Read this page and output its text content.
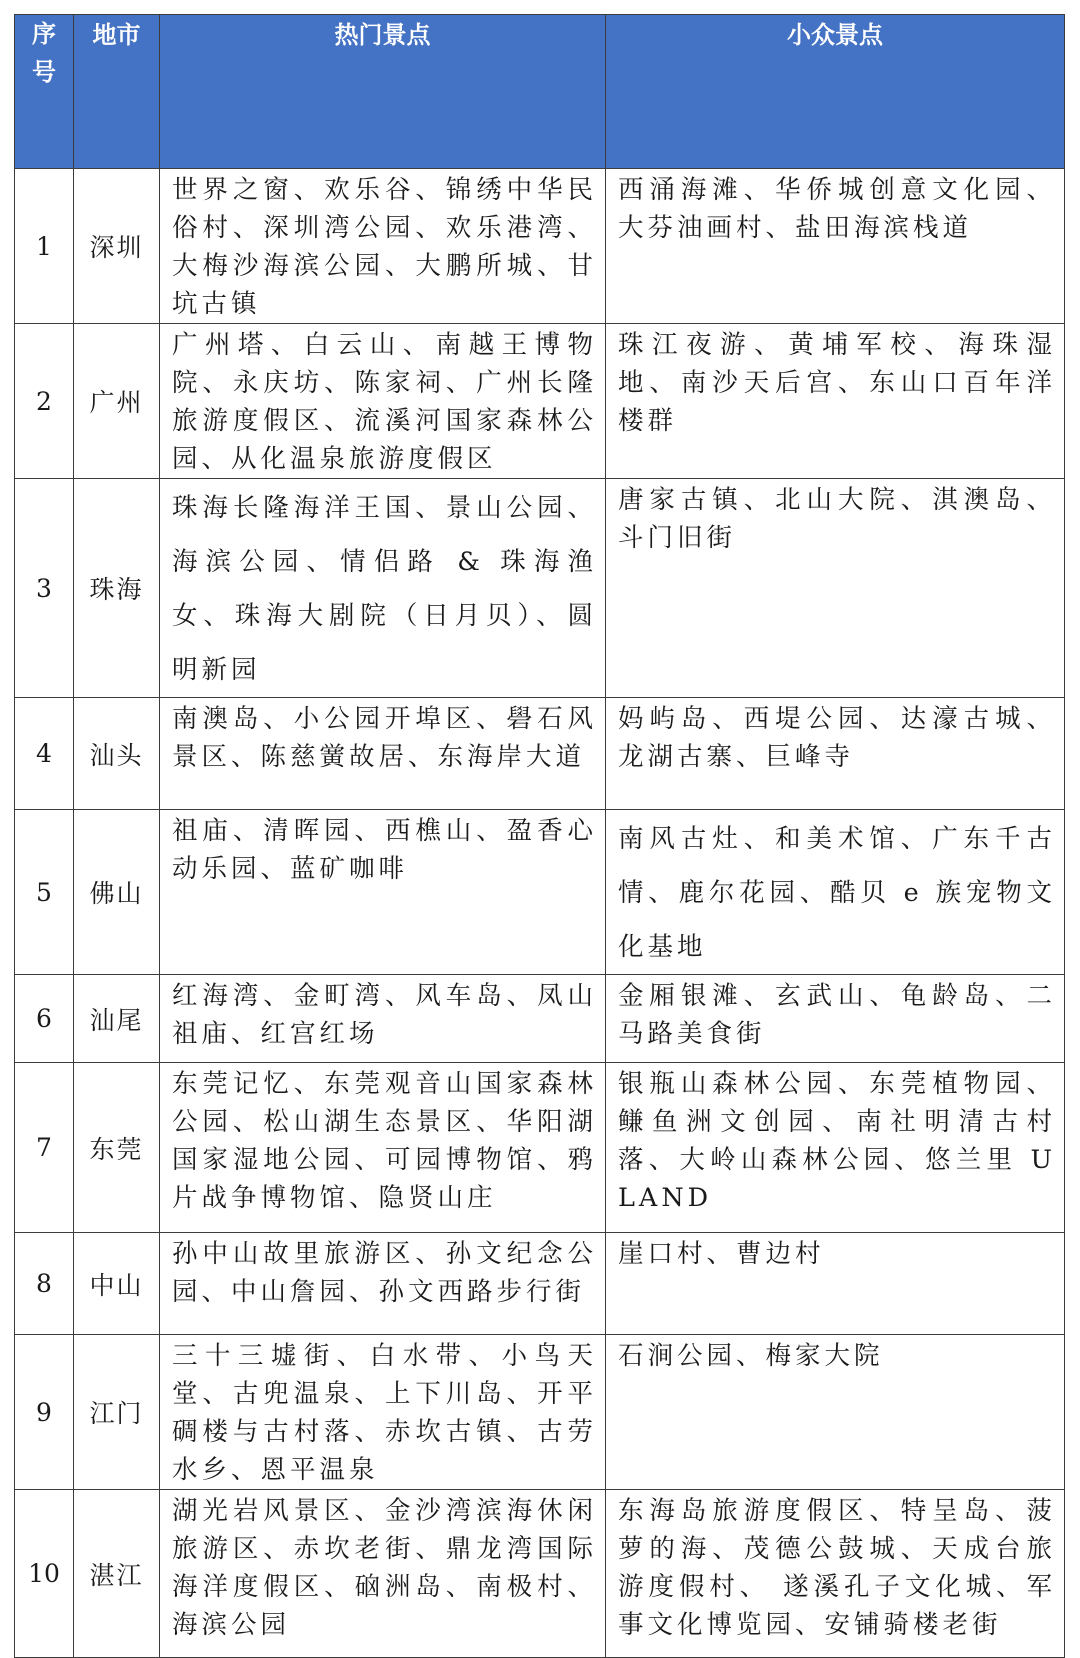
序
号	地市	热门景点	小众景点
1	深圳	世界之窗、欢乐谷、锦绣中华民俗村、深圳湾公园、欢乐港湾、大梅沙海滨公园、大鹏所城、甘坑古镇	西涌海滩、华侨城创意文化园、大芬油画村、盐田海滨栈道
2	广州	广州塔、白云山、南越王博物院、永庆坊、陈家祠、广州长隆旅游度假区、流溪河国家森林公园、从化温泉旅游度假区	珠江夜游、黄埔军校、海珠湿地、南沙天后宫、东山口百年洋楼群
3	珠海	珠海长隆海洋王国、景山公园、海滨公园、情侣路 & 珠海渔女、珠海大剧院（日月贝）、圆明新园	唐家古镇、北山大院、淇澳岛、斗门旧街
4	汕头	南澳岛、小公园开埠区、礐石风景区、陈慈黉故居、东海岸大道	妈屿岛、西堤公园、达濠古城、龙湖古寨、巨峰寺
5	佛山	祖庙、清晖园、西樵山、盈香心动乐园、蓝矿咖啡	南风古灶、和美术馆、广东千古情、鹿尔花园、酷贝 e 族宠物文化基地
6	汕尾	红海湾、金町湾、风车岛、凤山祖庙、红宫红场	金厢银滩、玄武山、龟龄岛、二马路美食街
7	东莞	东莞记忆、东莞观音山国家森林公园、松山湖生态景区、华阳湖国家湿地公园、可园博物馆、鸦片战争博物馆、隐贤山庄	银瓶山森林公园、东莞植物园、鳒鱼洲文创园、南社明清古村落、大岭山森林公园、悠兰里 ULAND
8	中山	孙中山故里旅游区、孙文纪念公园、中山詹园、孙文西路步行街	崖口村、曹边村
9	江门	三十三墟街、白水带、小鸟天堂、古兜温泉、上下川岛、开平碉楼与古村落、赤坎古镇、古劳水乡、恩平温泉	石涧公园、梅家大院
10	湛江	湖光岩风景区、金沙湾滨海休闲旅游区、赤坎老街、鼎龙湾国际海洋度假区、硇洲岛、南极村、海滨公园	东海岛旅游度假区、特呈岛、菠萝的海、茂德公鼓城、天成台旅游度假村、 遂溪孔子文化城、军事文化博览园、安铺骑楼老街
